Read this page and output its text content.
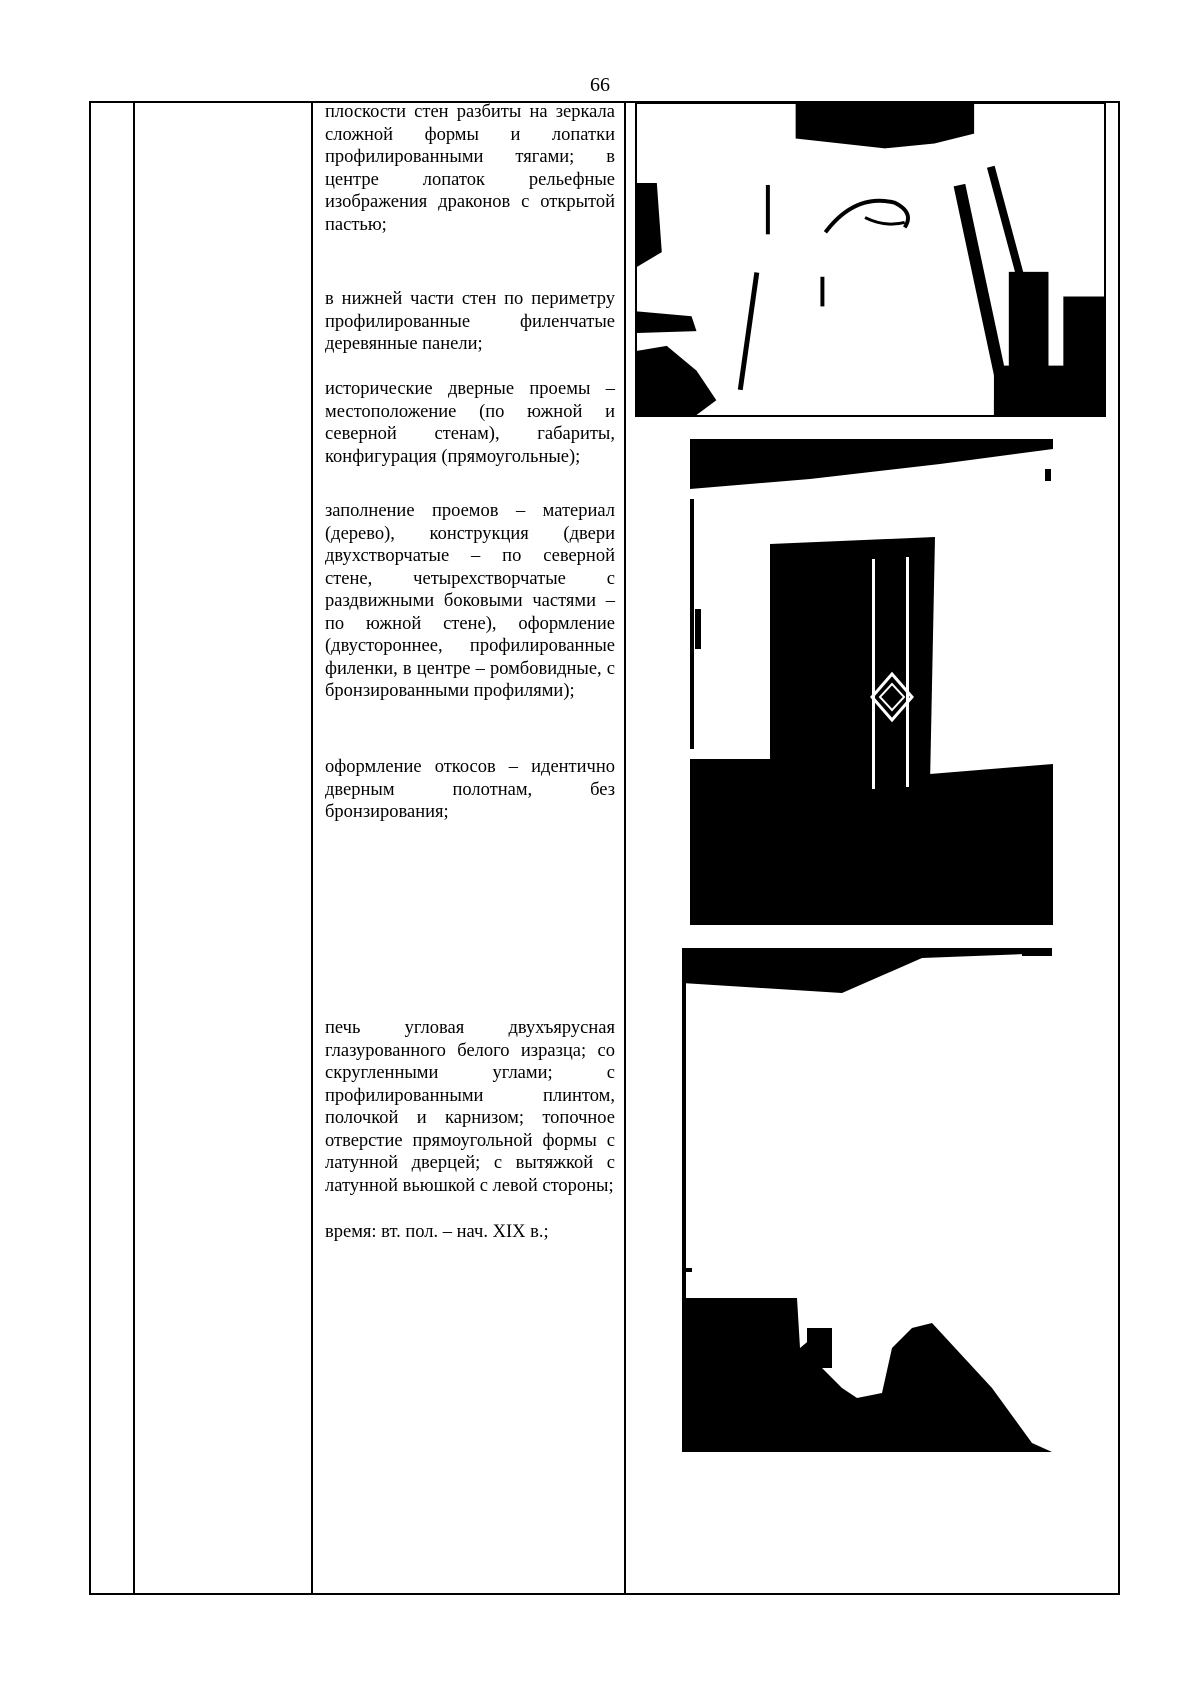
66

плоскости стен разбиты на зеркала сложной формы и лопатки профилированными тягами; в центре лопаток рельефные изображения драконов с открытой пастью;

в нижней части стен по периметру профилированные филенчатые деревянные панели;

исторические дверные проемы – местоположение (по южной и северной стенам), габариты, конфигурация (прямоугольные);

заполнение проемов – материал (дерево), конструкция (двери двухстворчатые – по северной стене, четырехстворчатые с раздвижными боковыми частями – по южной стене), оформление (двустороннее, профилированные филенки, в центре – ромбовидные, с бронзированными профилями);

оформление откосов – идентично дверным полотнам, без бронзирования;

печь угловая двухъярусная глазурованного белого изразца; со скругленными углами; с профилированными плинтом, полочкой и карнизом; топочное отверстие прямоугольной формы с латунной дверцей; с вытяжкой с латунной вьюшкой с левой стороны;

время: вт. пол. – нач. XIX в.;
